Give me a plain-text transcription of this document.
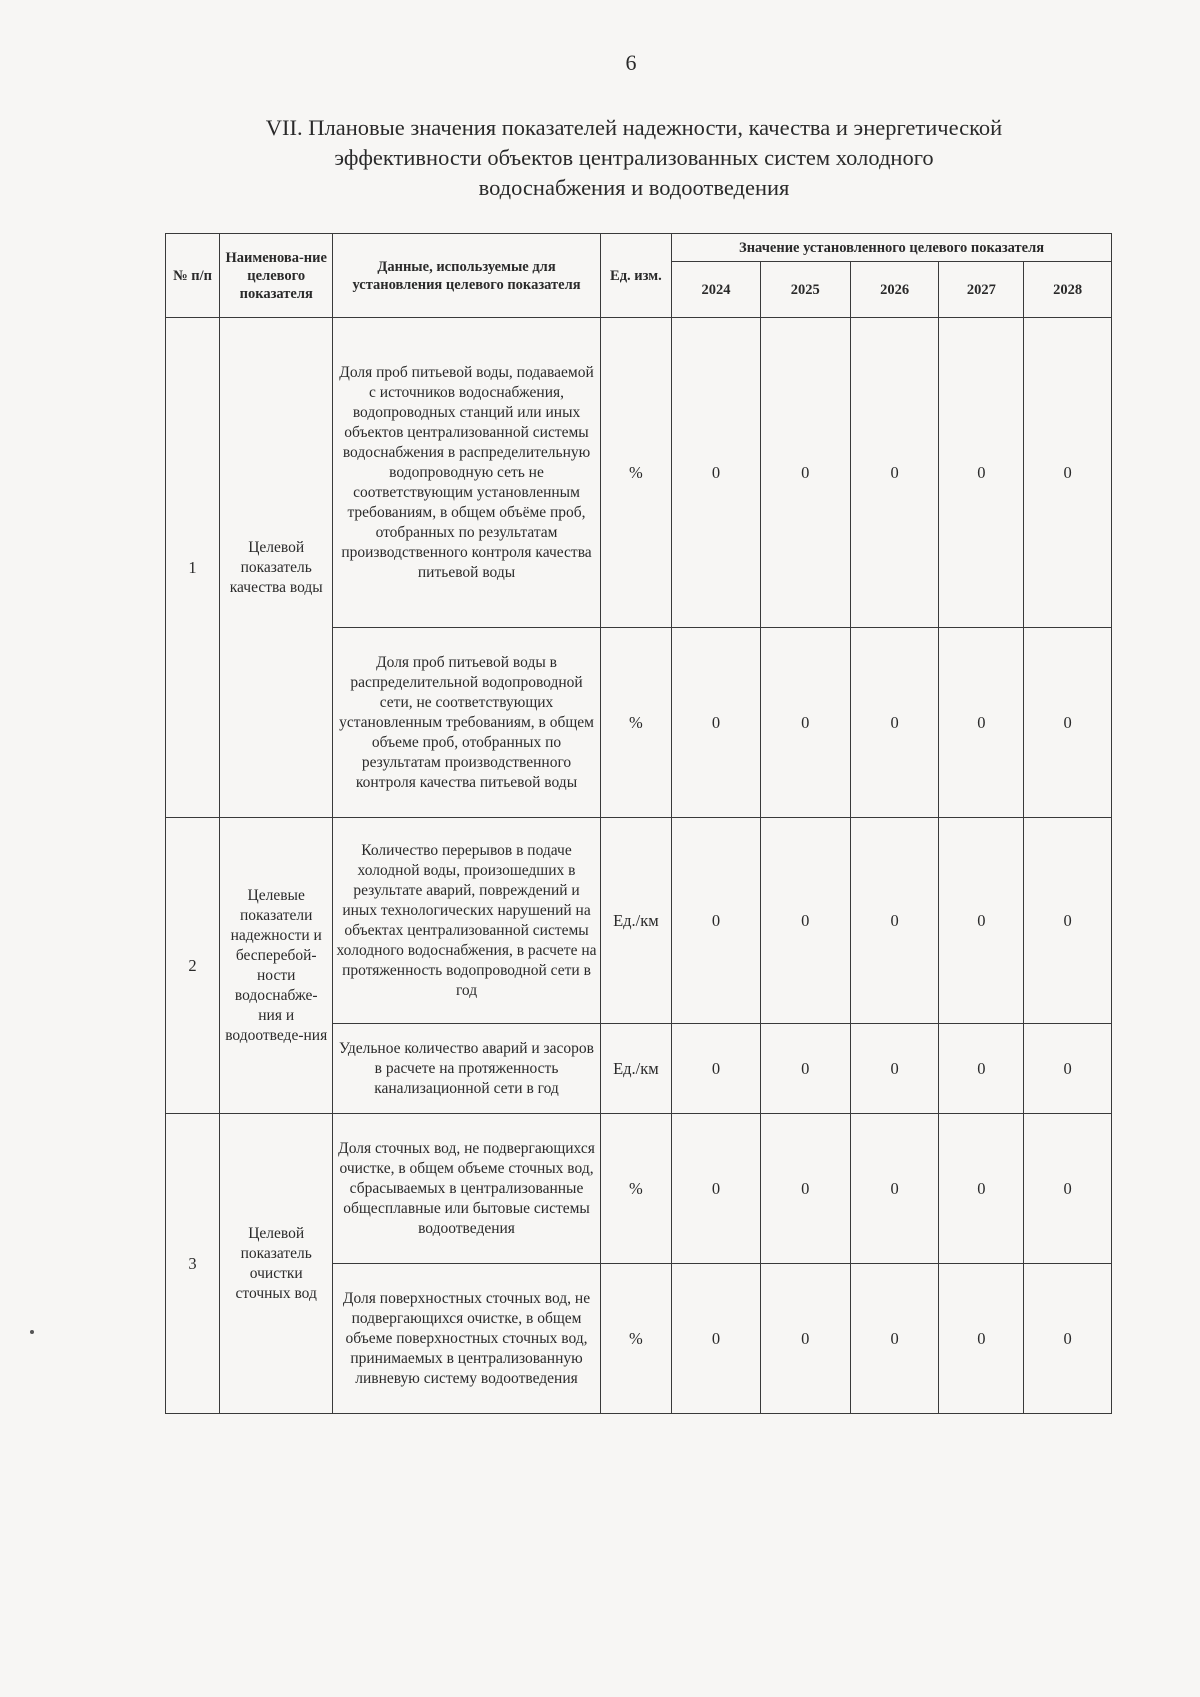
6
VII. Плановые значения показателей надежности, качества и энергетической
эффективности объектов централизованных систем холодного
водоснабжения и водоотведения
№ п/п	Наименова-ние целевого показателя	Данные, используемые для установления целевого показателя	Ед. изм.	Значение установленного целевого показателя				
				2024	2025	2026	2027	2028
1	Целевой показатель качества воды	Доля проб питьевой воды, подаваемой с источников водоснабжения, водопроводных станций или иных объектов централизованной системы водоснабжения в распределительную водопроводную сеть не соответствующим установленным требованиям, в общем объёме проб, отобранных по результатам производственного контроля качества питьевой воды	%	0	0	0	0	0
		Доля проб питьевой воды в распределительной водопроводной сети, не соответствующих установленным требованиям, в общем объеме проб, отобранных по результатам производственного контроля качества питьевой воды	%	0	0	0	0	0
2	Целевые показатели надежности и бесперебой-ности водоснабже-ния и водоотведе-ния	Количество перерывов в подаче холодной воды, произошедших в результате аварий, повреждений и иных технологических нарушений на объектах централизованной системы холодного водоснабжения, в расчете на протяженность водопроводной сети в год	Ед./км	0	0	0	0	0
		Удельное количество аварий и засоров в расчете на протяженность канализационной сети в год	Ед./км	0	0	0	0	0
3	Целевой показатель очистки сточных вод	Доля сточных вод, не подвергающихся очистке, в общем объеме сточных вод, сбрасываемых в централизованные общесплавные или бытовые системы водоотведения	%	0	0	0	0	0
		Доля поверхностных сточных вод, не подвергающихся очистке, в общем объеме поверхностных сточных вод, принимаемых в централизованную ливневую систему водоотведения	%	0	0	0	0	0
